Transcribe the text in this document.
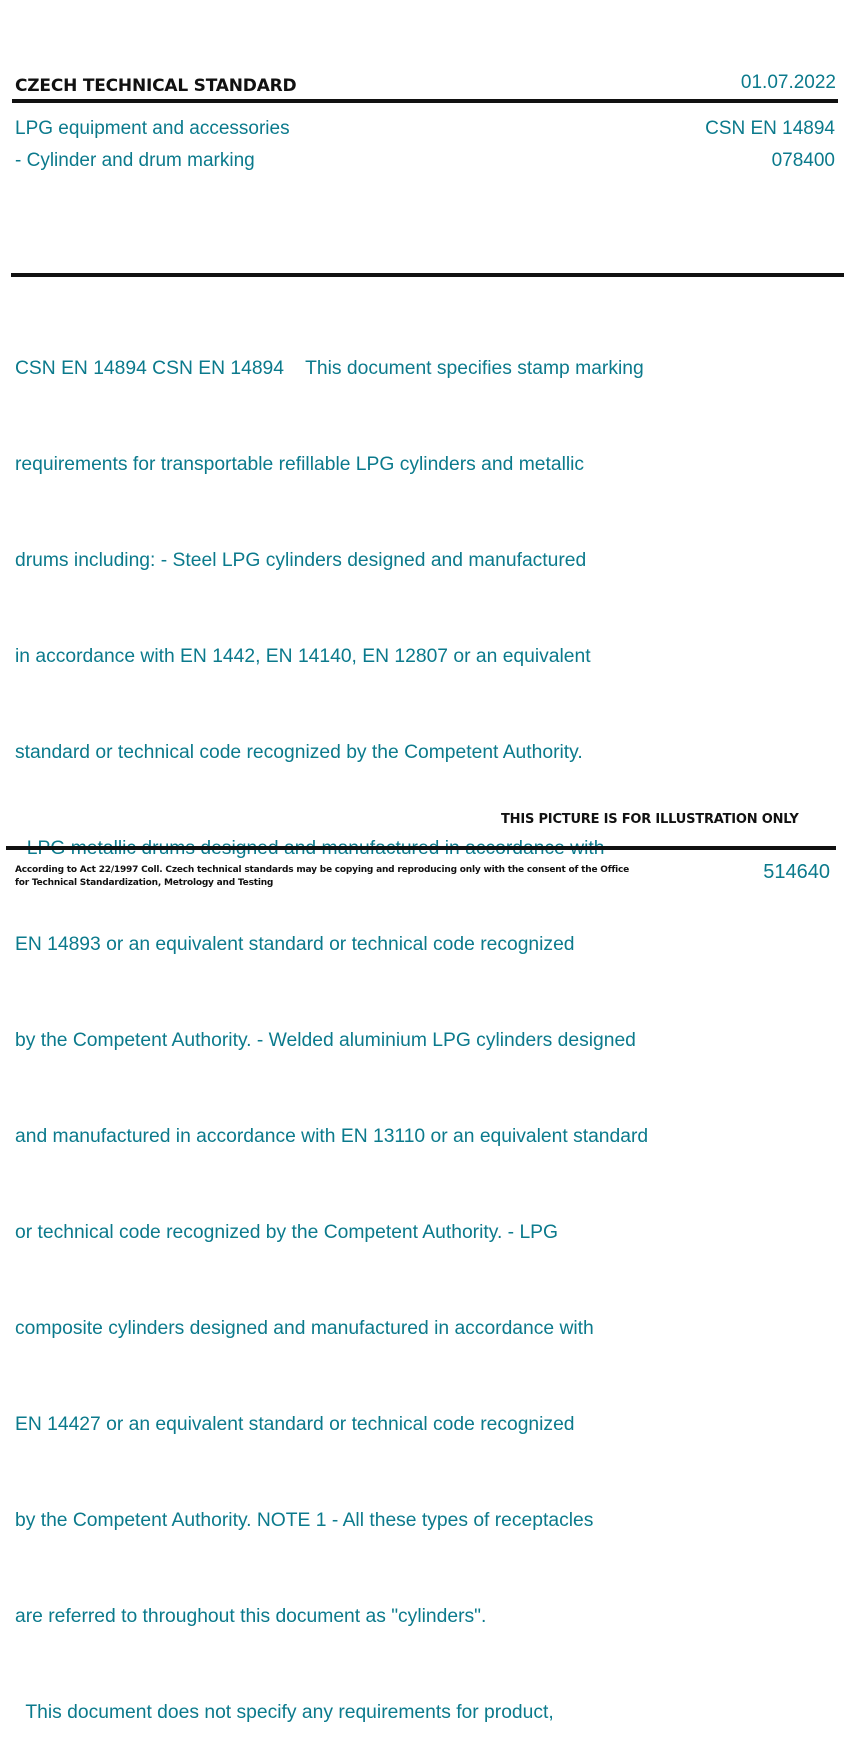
CZECH TECHNICAL STANDARD	01.07.2022
LPG equipment and accessories
- Cylinder and drum marking
CSN EN 14894
078400

CSN EN 14894 CSN EN 14894    This document specifies stamp marking

requirements for transportable refillable LPG cylinders and metallic

drums including: - Steel LPG cylinders designed and manufactured

in accordance with EN 1442, EN 14140, EN 12807 or an equivalent

standard or technical code recognized by the Competent Authority.

EN 14893 or an equivalent standard or technical code recognized

by the Competent Authority. - Welded aluminium LPG cylinders designed

and manufactured in accordance with EN 13110 or an equivalent standard

or technical code recognized by the Competent Authority. - LPG

composite cylinders designed and manufactured in accordance with

EN 14427 or an equivalent standard or technical code recognized

by the Competent Authority. NOTE 1 - All these types of receptacles

are referred to throughout this document as "cylinders".

This document does not specify any requirements for product,

THIS PICTURE IS FOR ILLUSTRATION ONLY
According to Act 22/1997 Coll. Czech technical standards may be copying and reproducing only with the consent of the Office
for Technical Standardization, Metrology and Testing	514640
